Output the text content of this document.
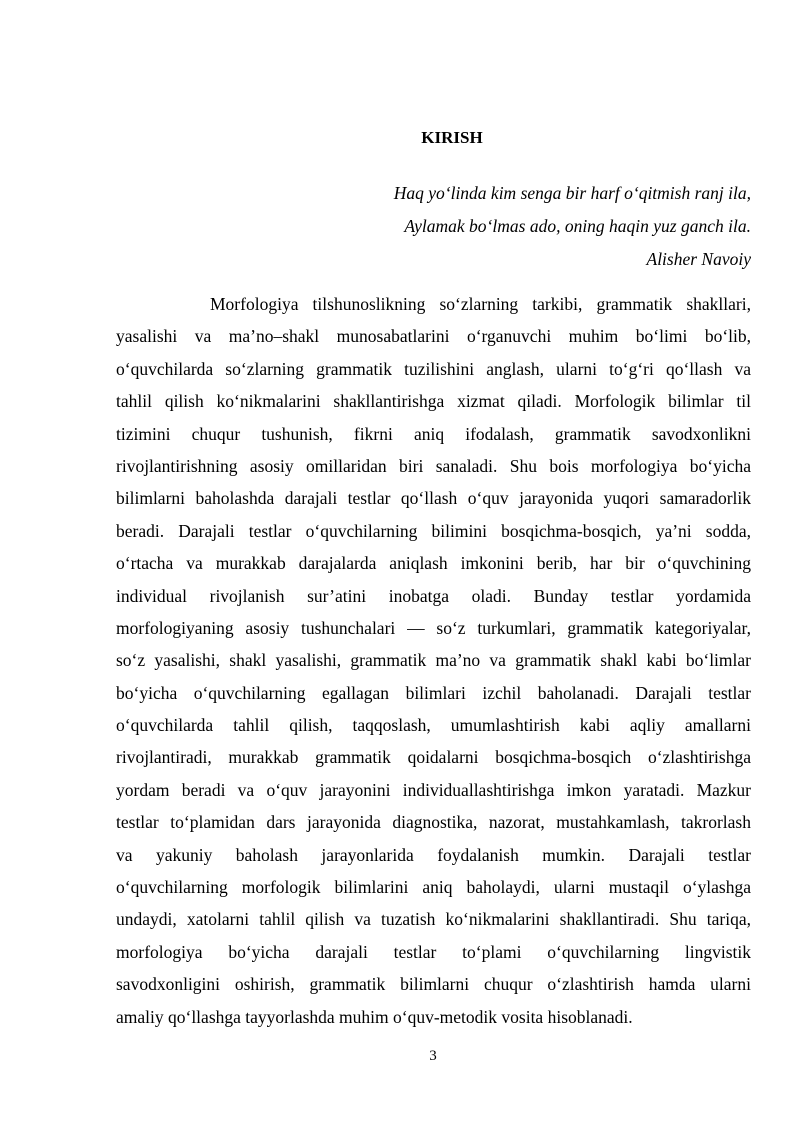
KIRISH
Haq yo‘linda kim senga bir harf o‘qitmish ranj ila,
Aylamak bo‘lmas ado, oning haqin yuz ganch ila.
Alisher Navoiy
Morfologiya tilshunoslikning so‘zlarning tarkibi, grammatik shakllari,
yasalishi va ma’no–shakl munosabatlarini o‘rganuvchi muhim bo‘limi bo‘lib,
o‘quvchilarda so‘zlarning grammatik tuzilishini anglash, ularni to‘g‘ri qo‘llash va
tahlil qilish ko‘nikmalarini shakllantirishga xizmat qiladi. Morfologik bilimlar til
tizimini chuqur tushunish, fikrni aniq ifodalash, grammatik savodxonlikni
rivojlantirishning asosiy omillaridan biri sanaladi. Shu bois morfologiya bo‘yicha
bilimlarni baholashda darajali testlar qo‘llash o‘quv jarayonida yuqori samaradorlik
beradi. Darajali testlar o‘quvchilarning bilimini bosqichma-bosqich, ya’ni sodda,
o‘rtacha va murakkab darajalarda aniqlash imkonini berib, har bir o‘quvchining
individual rivojlanish sur’atini inobatga oladi. Bunday testlar yordamida
morfologiyaning asosiy tushunchalari — so‘z turkumlari, grammatik kategoriyalar,
so‘z yasalishi, shakl yasalishi, grammatik ma’no va grammatik shakl kabi bo‘limlar
bo‘yicha o‘quvchilarning egallagan bilimlari izchil baholanadi. Darajali testlar
o‘quvchilarda tahlil qilish, taqqoslash, umumlashtirish kabi aqliy amallarni
rivojlantiradi, murakkab grammatik qoidalarni bosqichma-bosqich o‘zlashtirishga
yordam beradi va o‘quv jarayonini individuallashtirishga imkon yaratadi. Mazkur
testlar to‘plamidan dars jarayonida diagnostika, nazorat, mustahkamlash, takrorlash
va yakuniy baholash jarayonlarida foydalanish mumkin. Darajali testlar
o‘quvchilarning morfologik bilimlarini aniq baholaydi, ularni mustaqil o‘ylashga
undaydi, xatolarni tahlil qilish va tuzatish ko‘nikmalarini shakllantiradi. Shu tariqa,
morfologiya bo‘yicha darajali testlar to‘plami o‘quvchilarning lingvistik
savodxonligini oshirish, grammatik bilimlarni chuqur o‘zlashtirish hamda ularni
amaliy qo‘llashga tayyorlashda muhim o‘quv-metodik vosita hisoblanadi.
3
